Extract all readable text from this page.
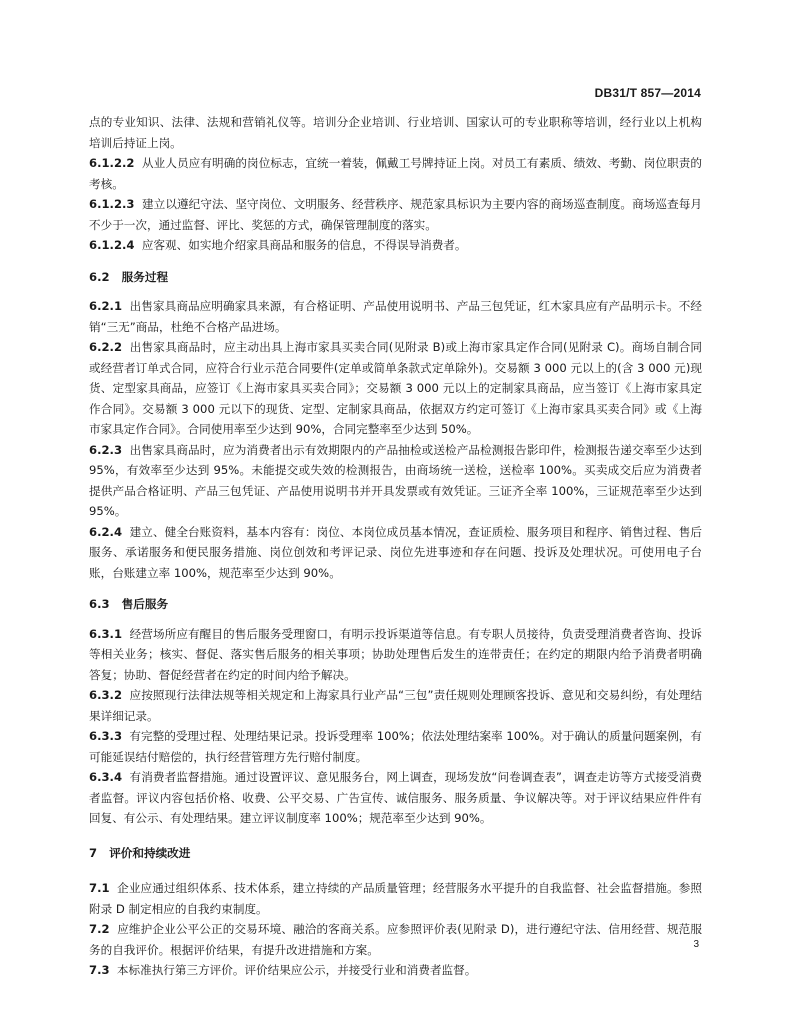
DB31/T 857—2014
点的专业知识、法律、法规和营销礼仪等。培训分企业培训、行业培训、国家认可的专业职称等培训，经行业以上机构培训后持证上岗。
6.1.2.2 从业人员应有明确的岗位标志，宜统一着装，佩戴工号牌持证上岗。对员工有素质、绩效、考勤、岗位职责的考核。
6.1.2.3 建立以遵纪守法、坚守岗位、文明服务、经营秩序、规范家具标识为主要内容的商场巡查制度。商场巡查每月不少于一次，通过监督、评比、奖惩的方式，确保管理制度的落实。
6.1.2.4 应客观、如实地介绍家具商品和服务的信息，不得误导消费者。
6.2 服务过程
6.2.1 出售家具商品应明确家具来源，有合格证明、产品使用说明书、产品三包凭证，红木家具应有产品明示卡。不经销“三无”商品，杜绝不合格产品进场。
6.2.2 出售家具商品时，应主动出具上海市家具买卖合同(见附录 B)或上海市家具定作合同(见附录 C)。商场自制合同或经营者订单式合同，应符合行业示范合同要件(定单或简单条款式定单除外)。交易额 3 000 元以上的(含 3 000 元)现货、定型家具商品，应签订《上海市家具买卖合同》；交易额 3 000 元以上的定制家具商品，应当签订《上海市家具定作合同》。交易额 3 000 元以下的现货、定型、定制家具商品，依据双方约定可签订《上海市家具买卖合同》或《上海市家具定作合同》。合同使用率至少达到 90%，合同完整率至少达到 50%。
6.2.3 出售家具商品时，应为消费者出示有效期限内的产品抽检或送检产品检测报告影印件，检测报告递交率至少达到 95%，有效率至少达到 95%。未能提交或失效的检测报告，由商场统一送检，送检率 100%。买卖成交后应为消费者提供产品合格证明、产品三包凭证、产品使用说明书并开具发票或有效凭证。三证齐全率 100%，三证规范率至少达到 95%。
6.2.4 建立、健全台账资料，基本内容有：岗位、本岗位成员基本情况，查证质检、服务项目和程序、销售过程、售后服务、承诺服务和便民服务措施、岗位创效和考评记录、岗位先进事迹和存在问题、投诉及处理状况。可使用电子台账，台账建立率 100%，规范率至少达到 90%。
6.3 售后服务
6.3.1 经营场所应有醒目的售后服务受理窗口，有明示投诉渠道等信息。有专职人员接待，负责受理消费者咨询、投诉等相关业务；核实、督促、落实售后服务的相关事项；协助处理售后发生的连带责任；在约定的期限内给予消费者明确答复；协助、督促经营者在约定的时间内给予解决。
6.3.2 应按照现行法律法规等相关规定和上海家具行业产品“三包”责任规则处理顾客投诉、意见和交易纠纷，有处理结果详细记录。
6.3.3 有完整的受理过程、处理结果记录。投诉受理率 100%；依法处理结案率 100%。对于确认的质量问题案例，有可能延误结付赔偿的，执行经营管理方先行赔付制度。
6.3.4 有消费者监督措施。通过设置评议、意见服务台，网上调查，现场发放“问卷调查表”，调查走访等方式接受消费者监督。评议内容包括价格、收费、公平交易、广告宣传、诚信服务、服务质量、争议解决等。对于评议结果应件件有回复、有公示、有处理结果。建立评议制度率 100%；规范率至少达到 90%。
7 评价和持续改进
7.1 企业应通过组织体系、技术体系，建立持续的产品质量管理；经营服务水平提升的自我监督、社会监督措施。参照附录 D 制定相应的自我约束制度。
7.2 应维护企业公平公正的交易环境、融洽的客商关系。应参照评价表(见附录 D)，进行遵纪守法、信用经营、规范服务的自我评价。根据评价结果，有提升改进措施和方案。
7.3 本标准执行第三方评价。评价结果应公示，并接受行业和消费者监督。
3
